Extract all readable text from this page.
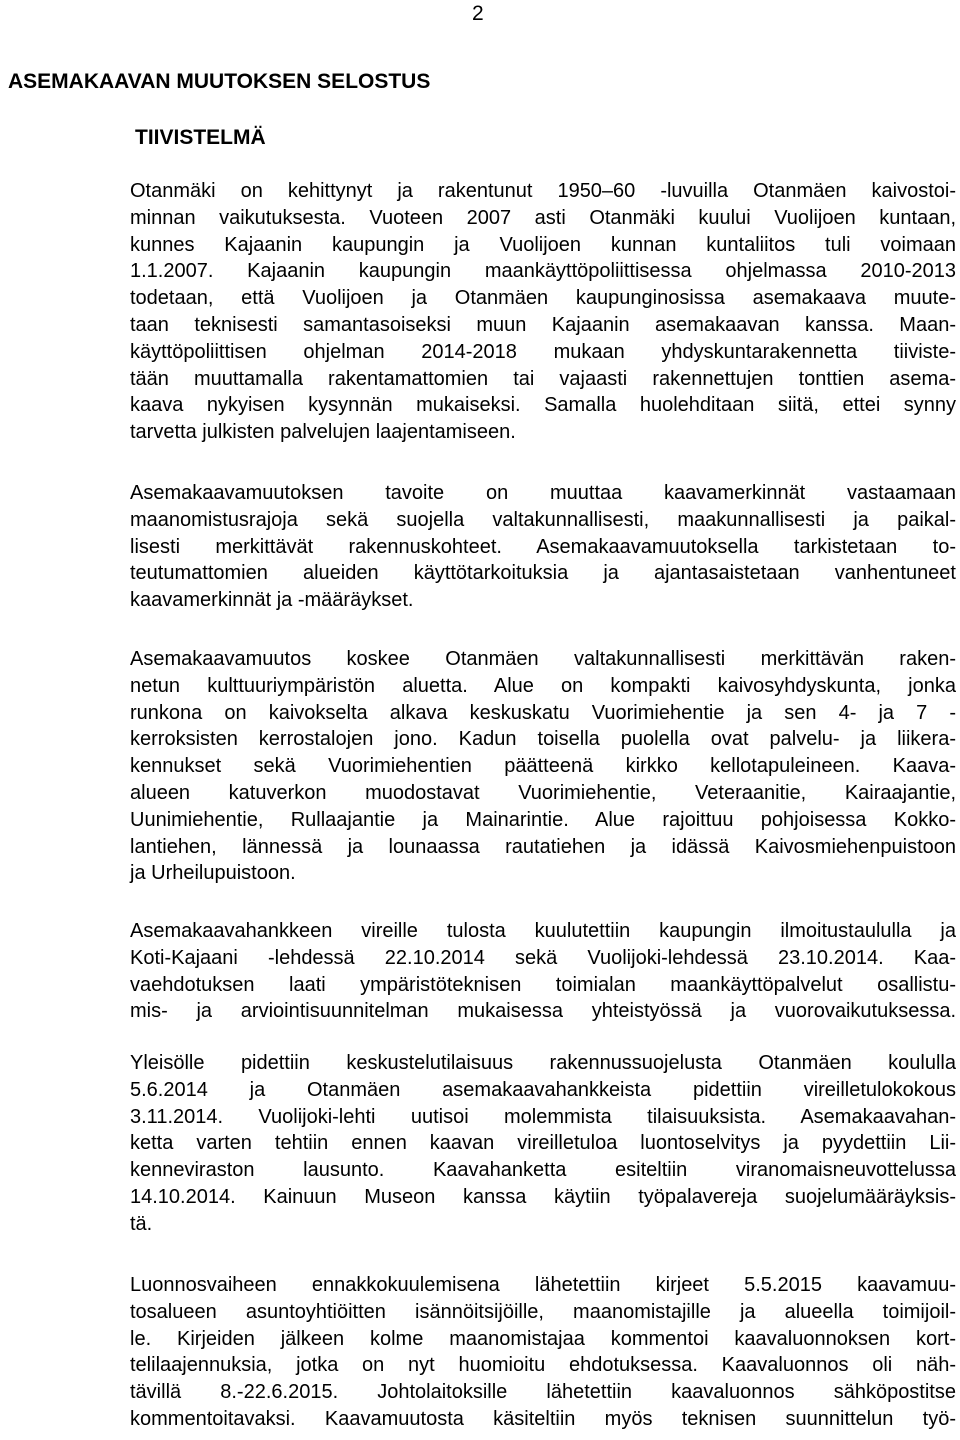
2
ASEMAKAAVAN MUUTOKSEN SELOSTUS
TIIVISTELMÄ
Otanmäki on kehittynyt ja rakentunut 1950–60 -luvuilla Otanmäen kaivostoi-
minnan vaikutuksesta. Vuoteen 2007 asti Otanmäki kuului Vuolijoen kuntaan,
kunnes Kajaanin kaupungin ja Vuolijoen kunnan kuntaliitos tuli voimaan
1.1.2007. Kajaanin kaupungin maankäyttöpoliittisessa ohjelmassa 2010-2013
todetaan, että Vuolijoen ja Otanmäen kaupunginosissa asemakaava muute-
taan teknisesti samantasoiseksi muun Kajaanin asemakaavan kanssa. Maan-
käyttöpoliittisen ohjelman 2014-2018 mukaan yhdyskuntarakennetta tiiviste-
tään muuttamalla rakentamattomien tai vajaasti rakennettujen tonttien asema-
kaava nykyisen kysynnän mukaiseksi. Samalla huolehditaan siitä, ettei synny
tarvetta julkisten palvelujen laajentamiseen.
Asemakaavamuutoksen tavoite on muuttaa kaavamerkinnät vastaamaan
maanomistusrajoja sekä suojella valtakunnallisesti, maakunnallisesti ja paikal-
lisesti merkittävät rakennuskohteet. Asemakaavamuutoksella tarkistetaan to-
teutumattomien alueiden käyttötarkoituksia ja ajantasaistetaan vanhentuneet
kaavamerkinnät ja -määräykset.
Asemakaavamuutos koskee Otanmäen valtakunnallisesti merkittävän raken-
netun kulttuuriympäristön aluetta. Alue on kompakti kaivosyhdyskunta, jonka
runkona on kaivokselta alkava keskuskatu Vuorimiehentie ja sen 4- ja 7 -
kerroksisten kerrostalojen jono. Kadun toisella puolella ovat palvelu- ja liikera-
kennukset sekä Vuorimiehentien päätteenä kirkko kellotapuleineen. Kaava-
alueen katuverkon muodostavat Vuorimiehentie, Veteraanitie, Kairaajantie,
Uunimiehentie, Rullaajantie ja Mainarintie. Alue rajoittuu pohjoisessa Kokko-
lantiehen, lännessä ja lounaassa rautatiehen ja idässä Kaivosmiehenpuistoon
ja Urheilupuistoon.
Asemakaavahankkeen vireille tulosta kuulutettiin kaupungin ilmoitustaululla ja
Koti-Kajaani -lehdessä 22.10.2014 sekä Vuolijoki-lehdessä 23.10.2014. Kaa-
vaehdotuksen laati ympäristöteknisen toimialan maankäyttöpalvelut osallistu-
mis- ja arviointisuunnitelman mukaisessa yhteistyössä ja vuorovaikutuksessa.
Yleisölle pidettiin keskustelutilaisuus rakennussuojelusta Otanmäen koululla
5.6.2014 ja Otanmäen asemakaavahankkeista pidettiin vireilletulokokous
3.11.2014. Vuolijoki-lehti uutisoi molemmista tilaisuuksista. Asemakaavahan-
ketta varten tehtiin ennen kaavan vireilletuloa luontoselvitys ja pyydettiin Lii-
kenneviraston lausunto. Kaavahanketta esiteltiin viranomaisneuvottelussa
14.10.2014. Kainuun Museon kanssa käytiin työpalavereja suojelumääräyksis-
tä.
Luonnosvaiheen ennakkokuulemisena lähetettiin kirjeet 5.5.2015 kaavamuu-
tosalueen asuntoyhtiöitten isännöitsijöille, maanomistajille ja alueella toimijoil-
le. Kirjeiden jälkeen kolme maanomistajaa kommentoi kaavaluonnoksen kort-
telilaajennuksia, jotka on nyt huomioitu ehdotuksessa. Kaavaluonnos oli näh-
tävillä 8.-22.6.2015. Johtolaitoksille lähetettiin kaavaluonnos sähköpostitse
kommentoitavaksi. Kaavamuutosta käsiteltiin myös teknisen suunnittelun työ-
